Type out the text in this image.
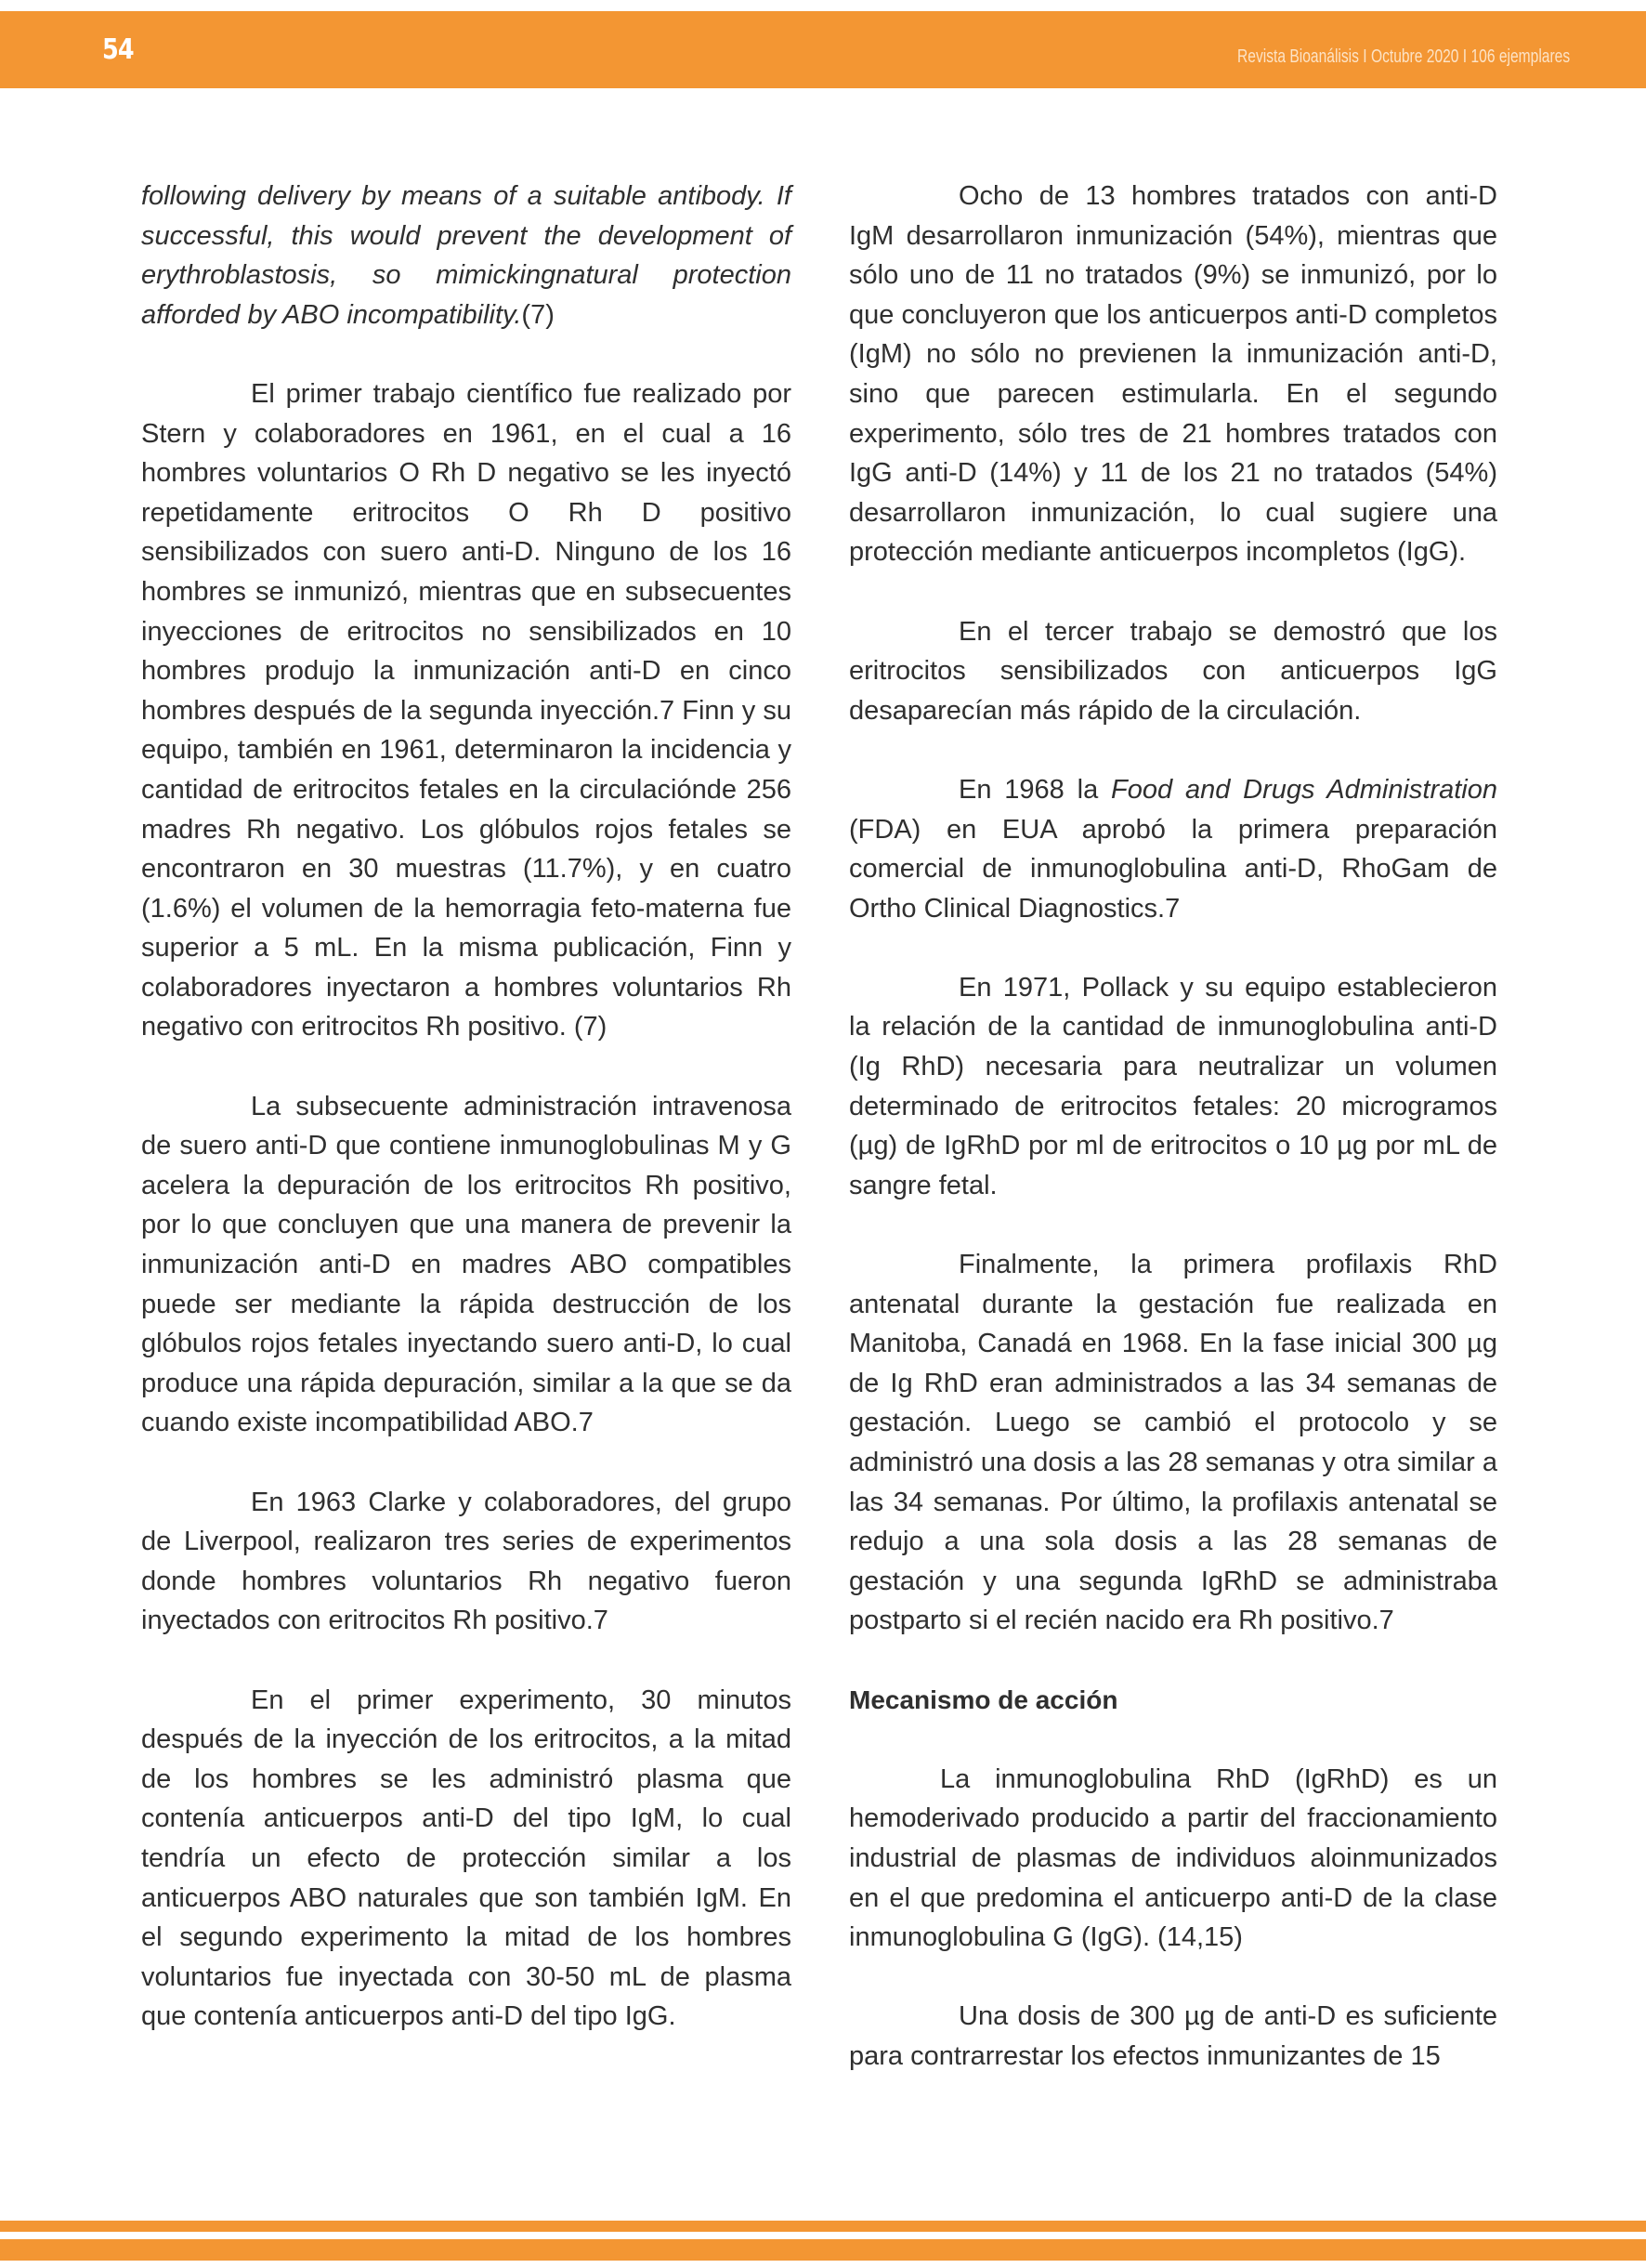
54	Revista Bioanálisis I Octubre 2020 I 106 ejemplares

following delivery by means of a suitable antibody. If successful, this would prevent the development of erythroblastosis, so mimickingnatural protection afforded by ABO incompatibility.(7)

El primer trabajo científico fue realizado por Stern y colaboradores en 1961, en el cual a 16 hombres voluntarios O Rh D negativo se les inyectó repetidamente eritrocitos O Rh D positivo sensibilizados con suero anti-D. Ninguno de los 16 hombres se inmunizó, mientras que en subsecuentes inyecciones de eritrocitos no sensibilizados en 10 hombres produjo la inmunización anti-D en cinco hombres después de la segunda inyección.7 Finn y su equipo, también en 1961, determinaron la incidencia y cantidad de eritrocitos fetales en la circulaciónde 256 madres Rh negativo. Los glóbulos rojos fetales se encontraron en 30 muestras (11.7%), y en cuatro (1.6%) el volumen de la hemorragia feto-materna fue superior a 5 mL. En la misma publicación, Finn y colaboradores inyectaron a hombres voluntarios Rh negativo con eritrocitos Rh positivo. (7)

La subsecuente administración intravenosa de suero anti-D que contiene inmunoglobulinas M y G acelera la depuración de los eritrocitos Rh positivo, por lo que concluyen que una manera de prevenir la inmunización anti-D en madres ABO compatibles puede ser mediante la rápida destrucción de los glóbulos rojos fetales inyectando suero anti-D, lo cual produce una rápida depuración, similar a la que se da cuando existe incompatibilidad ABO.7

En 1963 Clarke y colaboradores, del grupo de Liverpool, realizaron tres series de experimentos donde hombres voluntarios Rh negativo fueron inyectados con eritrocitos Rh positivo.7

En el primer experimento, 30 minutos después de la inyección de los eritrocitos, a la mitad de los hombres se les administró plasma que contenía anticuerpos anti-D del tipo IgM, lo cual tendría un efecto de protección similar a los anticuerpos ABO naturales que son también IgM. En el segundo experimento la mitad de los hombres voluntarios fue inyectada con 30-50 mL de plasma que contenía anticuerpos anti-D del tipo IgG.

Ocho de 13 hombres tratados con anti-D IgM desarrollaron inmunización (54%), mientras que sólo uno de 11 no tratados (9%) se inmunizó, por lo que concluyeron que los anticuerpos anti-D completos (IgM) no sólo no previenen la inmunización anti-D, sino que parecen estimularla. En el segundo experimento, sólo tres de 21 hombres tratados con IgG anti-D (14%) y 11 de los 21 no tratados (54%) desarrollaron inmunización, lo cual sugiere una protección mediante anticuerpos incompletos (IgG).

En el tercer trabajo se demostró que los eritrocitos sensibilizados con anticuerpos IgG desaparecían más rápido de la circulación.

En 1968 la Food and Drugs Administration (FDA) en EUA aprobó la primera preparación comercial de inmunoglobulina anti-D, RhoGam de Ortho Clinical Diagnostics.7

En 1971, Pollack y su equipo establecieron la relación de la cantidad de inmunoglobulina anti-D (Ig RhD) necesaria para neutralizar un volumen determinado de eritrocitos fetales: 20 microgramos (µg) de IgRhD por ml de eritrocitos o 10 µg por mL de sangre fetal.

Finalmente, la primera profilaxis RhD antenatal durante la gestación fue realizada en Manitoba, Canadá en 1968. En la fase inicial 300 µg de Ig RhD eran administrados a las 34 semanas de gestación. Luego se cambió el protocolo y se administró una dosis a las 28 semanas y otra similar a las 34 semanas. Por último, la profilaxis antenatal se redujo a una sola dosis a las 28 semanas de gestación y una segunda IgRhD se administraba postparto si el recién nacido era Rh positivo.7

Mecanismo de acción

La inmunoglobulina RhD (IgRhD) es un hemoderivado producido a partir del fraccionamiento industrial de plasmas de individuos aloinmunizados en el que predomina el anticuerpo anti-D de la clase inmunoglobulina G (IgG). (14,15)

Una dosis de 300 µg de anti-D es suficiente para contrarrestar los efectos inmunizantes de 15
